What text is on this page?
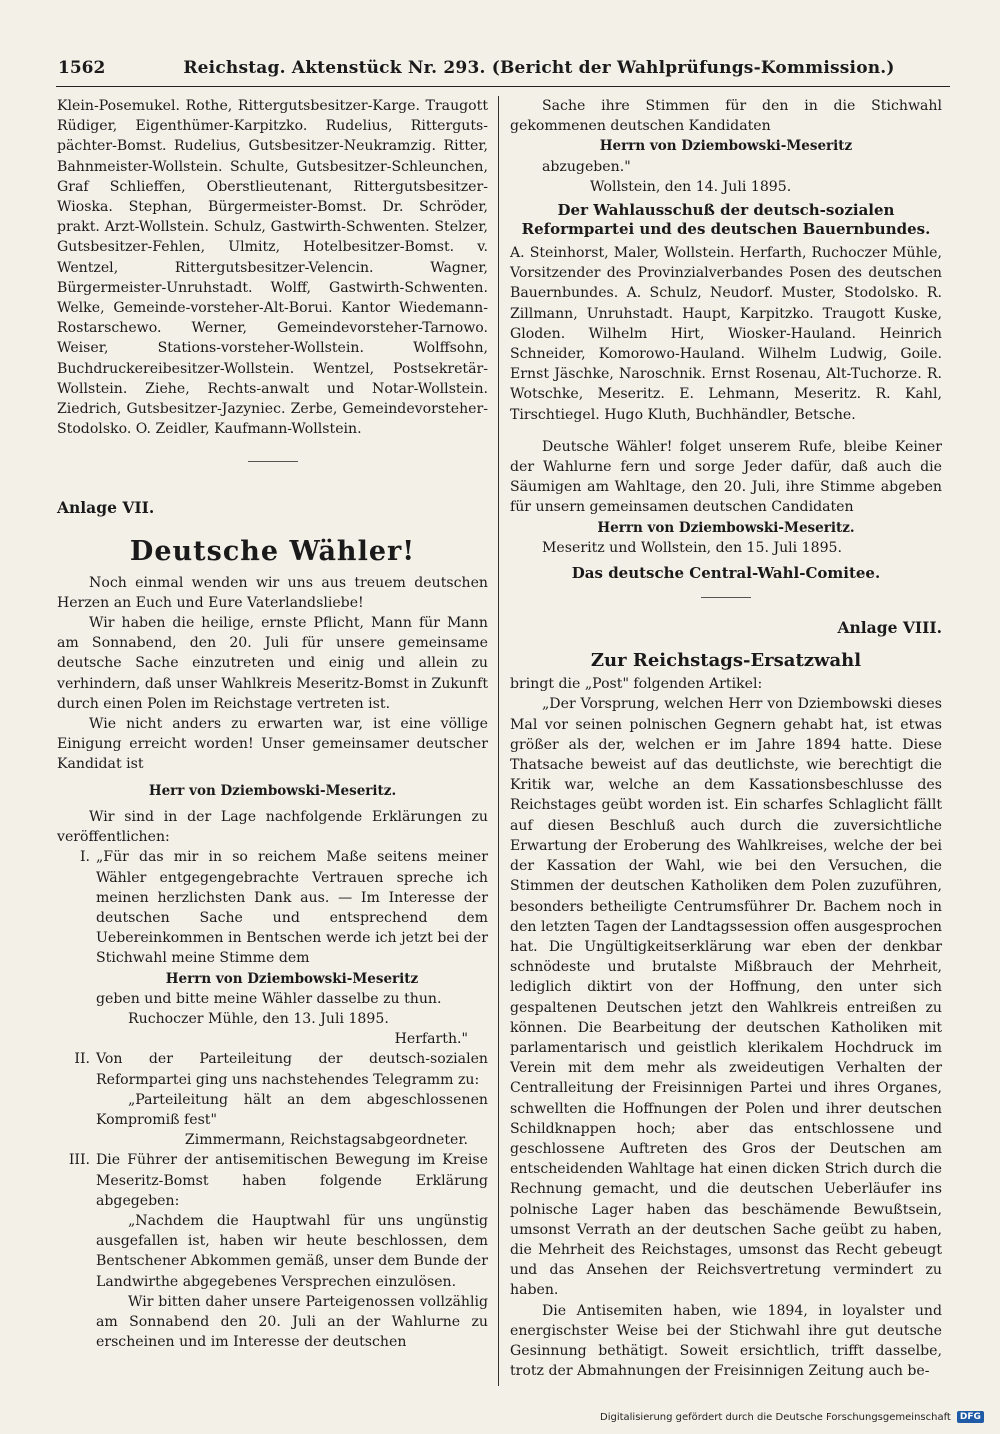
1562	Reichstag. Aktenstück Nr. 293. (Bericht der Wahlprüfungs-Kommission.)

Klein-Posemukel. Rothe, Rittergutsbesitzer-Karge. Traugott Rüdiger, Eigenthümer-Karpitzko. Rudelius, Ritterguts-pächter-Bomst. Rudelius, Gutsbesitzer-Neukramzig. Ritter, Bahnmeister-Wollstein. Schulte, Gutsbesitzer-Schleunchen, Graf Schlieffen, Oberstlieutenant, Rittergutsbesitzer-Wioska. Stephan, Bürgermeister-Bomst. Dr. Schröder, prakt. Arzt-Wollstein. Schulz, Gastwirth-Schwenten. Stelzer, Gutsbesitzer-Fehlen, Ulmitz, Hotelbesitzer-Bomst. v. Wentzel, Rittergutsbesitzer-Velencin. Wagner, Bürgermeister-Unruhstadt. Wolff, Gastwirth-Schwenten. Welke, Gemeinde-vorsteher-Alt-Borui. Kantor Wiedemann-Rostarschewo. Werner, Gemeindevorsteher-Tarnowo. Weiser, Stations-vorsteher-Wollstein. Wolffsohn, Buchdruckereibesitzer-Wollstein. Wentzel, Postsekretär-Wollstein. Ziehe, Rechts-anwalt und Notar-Wollstein. Ziedrich, Gutsbesitzer-Jazyniec. Zerbe, Gemeindevorsteher-Stodolsko. O. Zeidler, Kaufmann-Wollstein.

Anlage VII.

Deutsche Wähler!

Noch einmal wenden wir uns aus treuem deutschen Herzen an Euch und Eure Vaterlandsliebe!

Wir haben die heilige, ernste Pflicht, Mann für Mann am Sonnabend, den 20. Juli für unsere gemeinsame deutsche Sache einzutreten und einig und allein zu verhindern, daß unser Wahlkreis Meseritz-Bomst in Zukunft durch einen Polen im Reichstage vertreten ist.

Wie nicht anders zu erwarten war, ist eine völlige Einigung erreicht worden! Unser gemeinsamer deutscher Kandidat ist

Herr von Dziembowski-Meseritz.

Wir sind in der Lage nachfolgende Erklärungen zu veröffentlichen:

I. „Für das mir in so reichem Maße seitens meiner Wähler entgegengebrachte Vertrauen spreche ich meinen herzlichsten Dank aus. — Im Interesse der deutschen Sache und entsprechend dem Uebereinkommen in Bentschen werde ich jetzt bei der Stichwahl meine Stimme dem

Herrn von Dziembowski-Meseritz

geben und bitte meine Wähler dasselbe zu thun.

Ruchoczer Mühle, den 13. Juli 1895.

Herfarth."

II. Von der Parteileitung der deutsch-sozialen Reformpartei ging uns nachstehendes Telegramm zu:

„Parteileitung hält an dem abgeschlossenen Kompromiß fest"

Zimmermann, Reichstagsabgeordneter.

III. Die Führer der antisemitischen Bewegung im Kreise Meseritz-Bomst haben folgende Erklärung abgegeben:

„Nachdem die Hauptwahl für uns ungünstig ausgefallen ist, haben wir heute beschlossen, dem Bentschener Abkommen gemäß, unser dem Bunde der Landwirthe abgegebenes Versprechen einzulösen.

Wir bitten daher unsere Parteigenossen vollzählig am Sonnabend den 20. Juli an der Wahlurne zu erscheinen und im Interesse der deutschen

Sache ihre Stimmen für den in die Stichwahl gekommenen deutschen Kandidaten

Herrn von Dziembowski-Meseritz

abzugeben."

Wollstein, den 14. Juli 1895.

Der Wahlausschuß der deutsch-sozialen Reformpartei und des deutschen Bauernbundes.

A. Steinhorst, Maler, Wollstein. Herfarth, Ruchoczer Mühle, Vorsitzender des Provinzialverbandes Posen des deutschen Bauernbundes. A. Schulz, Neudorf. Muster, Stodolsko. R. Zillmann, Unruhstadt. Haupt, Karpitzko. Traugott Kuske, Gloden. Wilhelm Hirt, Wiosker-Hauland. Heinrich Schneider, Komorowo-Hauland. Wilhelm Ludwig, Goile. Ernst Jäschke, Naroschnik. Ernst Rosenau, Alt-Tuchorze. R. Wotschke, Meseritz. E. Lehmann, Meseritz. R. Kahl, Tirschtiegel. Hugo Kluth, Buchhändler, Betsche.

Deutsche Wähler! folget unserem Rufe, bleibe Keiner der Wahlurne fern und sorge Jeder dafür, daß auch die Säumigen am Wahltage, den 20. Juli, ihre Stimme abgeben für unsern gemeinsamen deutschen Candidaten

Herrn von Dziembowski-Meseritz.

Meseritz und Wollstein, den 15. Juli 1895.

Das deutsche Central-Wahl-Comitee.

Anlage VIII.

Zur Reichstags-Ersatzwahl

bringt die „Post" folgenden Artikel:

„Der Vorsprung, welchen Herr von Dziembowski dieses Mal vor seinen polnischen Gegnern gehabt hat, ist etwas größer als der, welchen er im Jahre 1894 hatte. Diese Thatsache beweist auf das deutlichste, wie berechtigt die Kritik war, welche an dem Kassationsbeschlusse des Reichstages geübt worden ist. Ein scharfes Schlaglicht fällt auf diesen Beschluß auch durch die zuversichtliche Erwartung der Eroberung des Wahlkreises, welche der bei der Kassation der Wahl, wie bei den Versuchen, die Stimmen der deutschen Katholiken dem Polen zuzuführen, besonders betheiligte Centrumsführer Dr. Bachem noch in den letzten Tagen der Landtagssession offen ausgesprochen hat. Die Ungültigkeitserklärung war eben der denkbar schnödeste und brutalste Mißbrauch der Mehrheit, lediglich diktirt von der Hoffnung, den unter sich gespaltenen Deutschen jetzt den Wahlkreis entreißen zu können. Die Bearbeitung der deutschen Katholiken mit parlamentarisch und geistlich klerikalem Hochdruck im Verein mit dem mehr als zweideutigen Verhalten der Centralleitung der Freisinnigen Partei und ihres Organes, schwellten die Hoffnungen der Polen und ihrer deutschen Schildknappen hoch; aber das entschlossene und geschlossene Auftreten des Gros der Deutschen am entscheidenden Wahltage hat einen dicken Strich durch die Rechnung gemacht, und die deutschen Ueberläufer ins polnische Lager haben das beschämende Bewußtsein, umsonst Verrath an der deutschen Sache geübt zu haben, die Mehrheit des Reichstages, umsonst das Recht gebeugt und das Ansehen der Reichsvertretung vermindert zu haben.

Die Antisemiten haben, wie 1894, in loyalster und energischster Weise bei der Stichwahl ihre gut deutsche Gesinnung bethätigt. Soweit ersichtlich, trifft dasselbe, trotz der Abmahnungen der Freisinnigen Zeitung auch be-

Digitalisierung gefördert durch die Deutsche Forschungsgemeinschaft	DFG
